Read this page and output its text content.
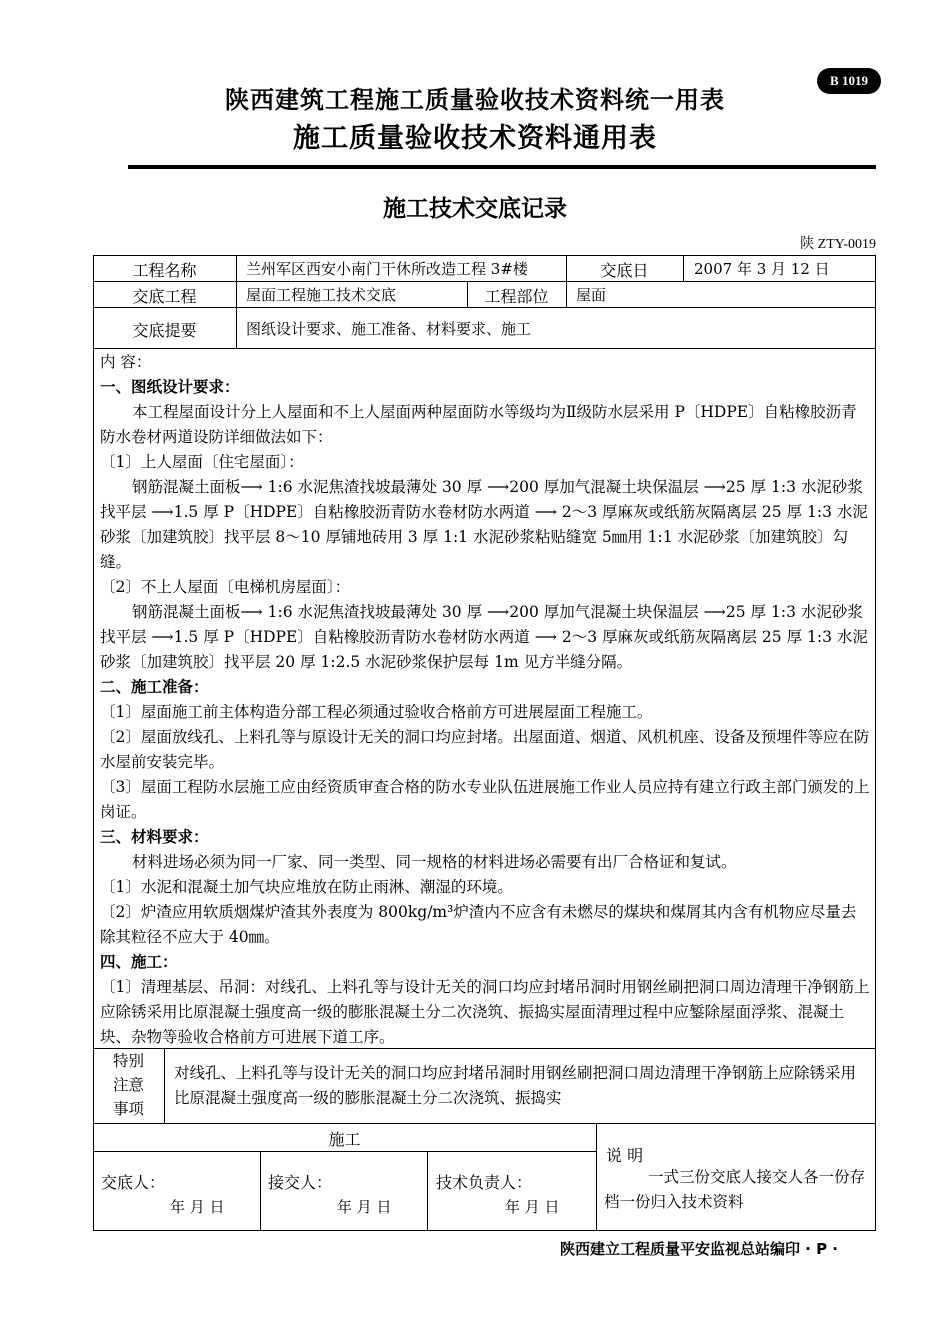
陕西建筑工程施工质量验收技术资料统一用表
施工质量验收技术资料通用表
B 1019
施工技术交底记录
陕 ZTY-0019
工程名称	兰州军区西安小南门干休所改造工程 3#楼	交底日	2007 年 3 月 12 日
交底工程	屋面工程施工技术交底	工程部位	屋面
交底提要	图纸设计要求、施工准备、材料要求、施工

内 容：

一、图纸设计要求：

本工程屋面设计分上人屋面和不上人屋面两种屋面防水等级均为Ⅱ级防水层采用 P〔HDPE〕自粘橡胶沥青防水卷材两道设防详细做法如下：

〔1〕上人屋面〔住宅屋面〕：

钢筋混凝土面板⟶ 1:6 水泥焦渣找坡最薄处 30 厚 ⟶200 厚加气混凝土块保温层 ⟶25 厚 1:3 水泥砂浆找平层 ⟶1.5 厚 P〔HDPE〕自粘橡胶沥青防水卷材防水两道 ⟶ 2～3 厚麻灰或纸筋灰隔离层 25 厚 1:3 水泥砂浆〔加建筑胶〕找平层 8～10 厚铺地砖用 3 厚 1:1 水泥砂浆粘贴缝宽 5㎜用 1:1 水泥砂浆〔加建筑胶〕勾缝。

〔2〕不上人屋面〔电梯机房屋面〕：

钢筋混凝土面板⟶ 1:6 水泥焦渣找坡最薄处 30 厚 ⟶200 厚加气混凝土块保温层 ⟶25 厚 1:3 水泥砂浆找平层 ⟶1.5 厚 P〔HDPE〕自粘橡胶沥青防水卷材防水两道 ⟶ 2～3 厚麻灰或纸筋灰隔离层 25 厚 1:3 水泥砂浆〔加建筑胶〕找平层 20 厚 1:2.5 水泥砂浆保护层每 1m 见方半缝分隔。

二、施工准备：

〔1〕屋面施工前主体构造分部工程必须通过验收合格前方可进展屋面工程施工。

〔2〕屋面放线孔、上料孔等与原设计无关的洞口均应封堵。出屋面道、烟道、风机机座、设备及预埋件等应在防水屋前安装完毕。

〔3〕屋面工程防水层施工应由经资质审查合格的防水专业队伍进展施工作业人员应持有建立行政主部门颁发的上岗证。

三、材料要求：

材料进场必须为同一厂家、同一类型、同一规格的材料进场必需要有出厂合格证和复试。

〔1〕水泥和混凝土加气块应堆放在防止雨淋、潮湿的环境。

〔2〕炉渣应用软质烟煤炉渣其外表度为 800kg/m³炉渣内不应含有未燃尽的煤块和煤屑其内含有机物应尽量去除其粒径不应大于 40㎜。

四、施工：

〔1〕清理基层、吊洞：对线孔、上料孔等与设计无关的洞口均应封堵吊洞时用钢丝刷把洞口周边清理干净钢筋上应除锈采用比原混凝土强度高一级的膨胀混凝土分二次浇筑、振捣实屋面清理过程中应錾除屋面浮浆、混凝土块、杂物等验收合格前方可进展下道工序。

特别
注意
事项
对线孔、上料孔等与设计无关的洞口均应封堵吊洞时用钢丝刷把洞口周边清理干净钢筋上应除锈采用比原混凝土强度高一级的膨胀混凝土分二次浇筑、振捣实
施工
交底人：
年 月 日
接交人：
年 月 日
技术负责人：
年 月 日
说 明
一式三份交底人接交人各一份存档一份归入技术资料
陕西建立工程质量平安监视总站编印 · P ·
